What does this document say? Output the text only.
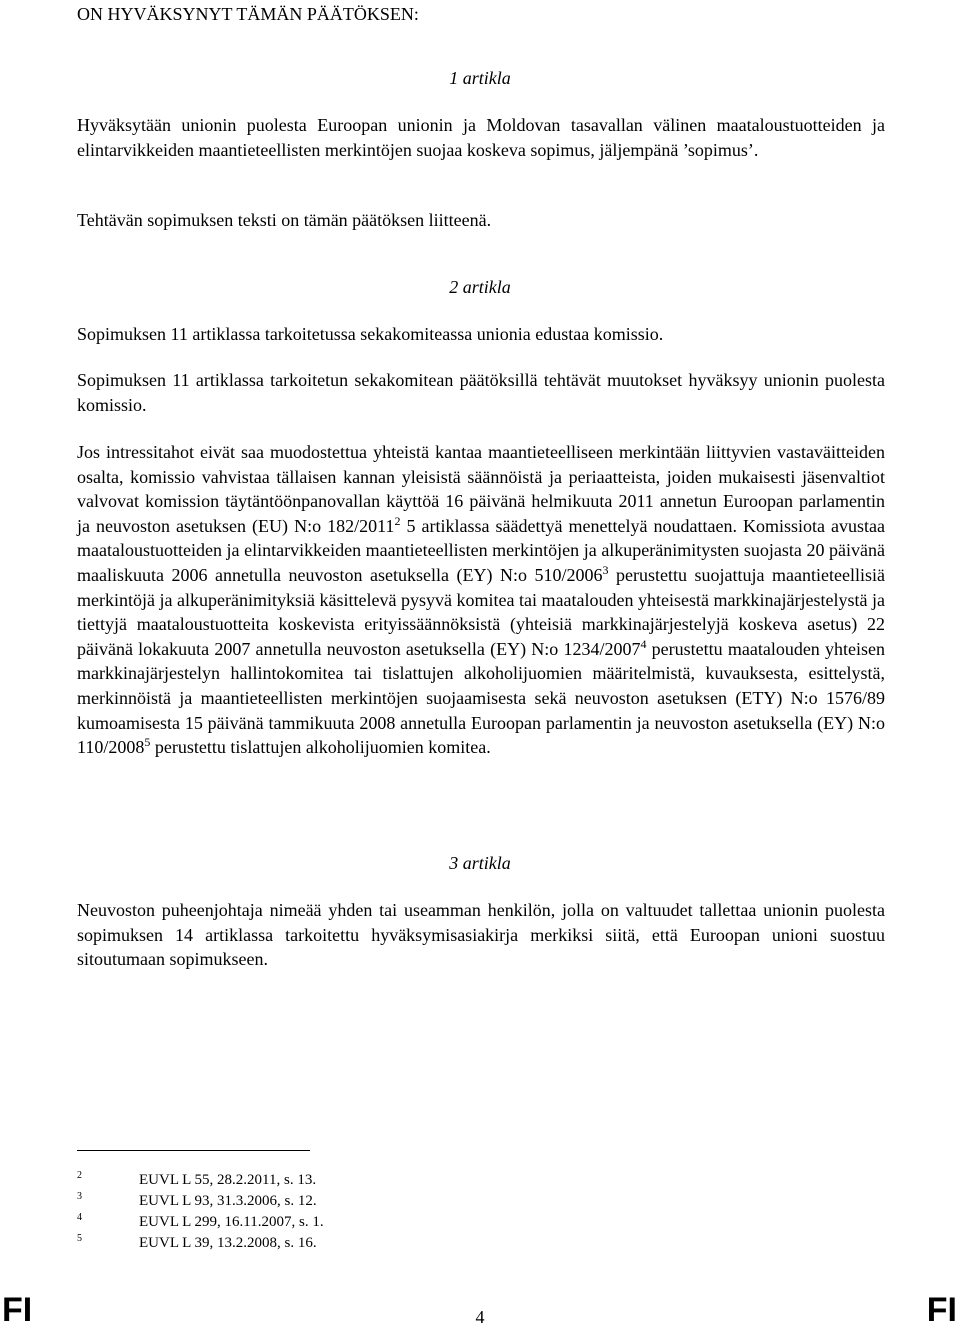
ON HYVÄKSYNYT TÄMÄN PÄÄTÖKSEN:
1 artikla
Hyväksytään unionin puolesta Euroopan unionin ja Moldovan tasavallan välinen maataloustuotteiden ja elintarvikkeiden maantieteellisten merkintöjen suojaa koskeva sopimus, jäljempänä ’sopimus’.
Tehtävän sopimuksen teksti on tämän päätöksen liitteenä.
2 artikla
Sopimuksen 11 artiklassa tarkoitetussa sekakomiteassa unionia edustaa komissio.
Sopimuksen 11 artiklassa tarkoitetun sekakomitean päätöksillä tehtävät muutokset hyväksyy unionin puolesta komissio.
Jos intressitahot eivät saa muodostettua yhteistä kantaa maantieteelliseen merkintään liittyvien vastaväitteiden osalta, komissio vahvistaa tällaisen kannan yleisistä säännöistä ja periaatteista, joiden mukaisesti jäsenvaltiot valvovat komission täytäntöönpanovallan käyttöä 16 päivänä helmikuuta 2011 annetun Euroopan parlamentin ja neuvoston asetuksen (EU) N:o 182/2011$^2$ 5 artiklassa säädettyä menettelyä noudattaen. Komissiota avustaa maataloustuotteiden ja elintarvikkeiden maantieteellisten merkintöjen ja alkuperänimitysten suojasta 20 päivänä maaliskuuta 2006 annetulla neuvoston asetuksella (EY) N:o 510/2006$^3$ perustettu suojattuja maantieteellisiä merkintöjä ja alkuperänimityksiä käsittelevä pysyvä komitea tai maatalouden yhteisestä markkinajärjestelystä ja tiettyjä maataloustuotteita koskevista erityissäännöksistä (yhteisiä markkinajärjestelyjä koskeva asetus) 22 päivänä lokakuuta 2007 annetulla neuvoston asetuksella (EY) N:o 1234/2007$^4$ perustettu maatalouden yhteisen markkinajärjestelyn hallintokomitea tai tislattujen alkoholijuomien määritelmistä, kuvauksesta, esittelystä, merkinnöistä ja maantieteellisten merkintöjen suojaamisesta sekä neuvoston asetuksen (ETY) N:o 1576/89 kumoamisesta 15 päivänä tammikuuta 2008 annetulla Euroopan parlamentin ja neuvoston asetuksella (EY) N:o 110/2008$^5$ perustettu tislattujen alkoholijuomien komitea.
3 artikla
Neuvoston puheenjohtaja nimeää yhden tai useamman henkilön, jolla on valtuudet tallettaa unionin puolesta sopimuksen 14 artiklassa tarkoitettu hyväksymisasiakirja merkiksi siitä, että Euroopan unioni suostuu sitoutumaan sopimukseen.
2	EUVL L 55, 28.2.2011, s. 13.
3	EUVL L 93, 31.3.2006, s. 12.
4	EUVL L 299, 16.11.2007, s. 1.
5	EUVL L 39, 13.2.2008, s. 16.
FI	4	FI
